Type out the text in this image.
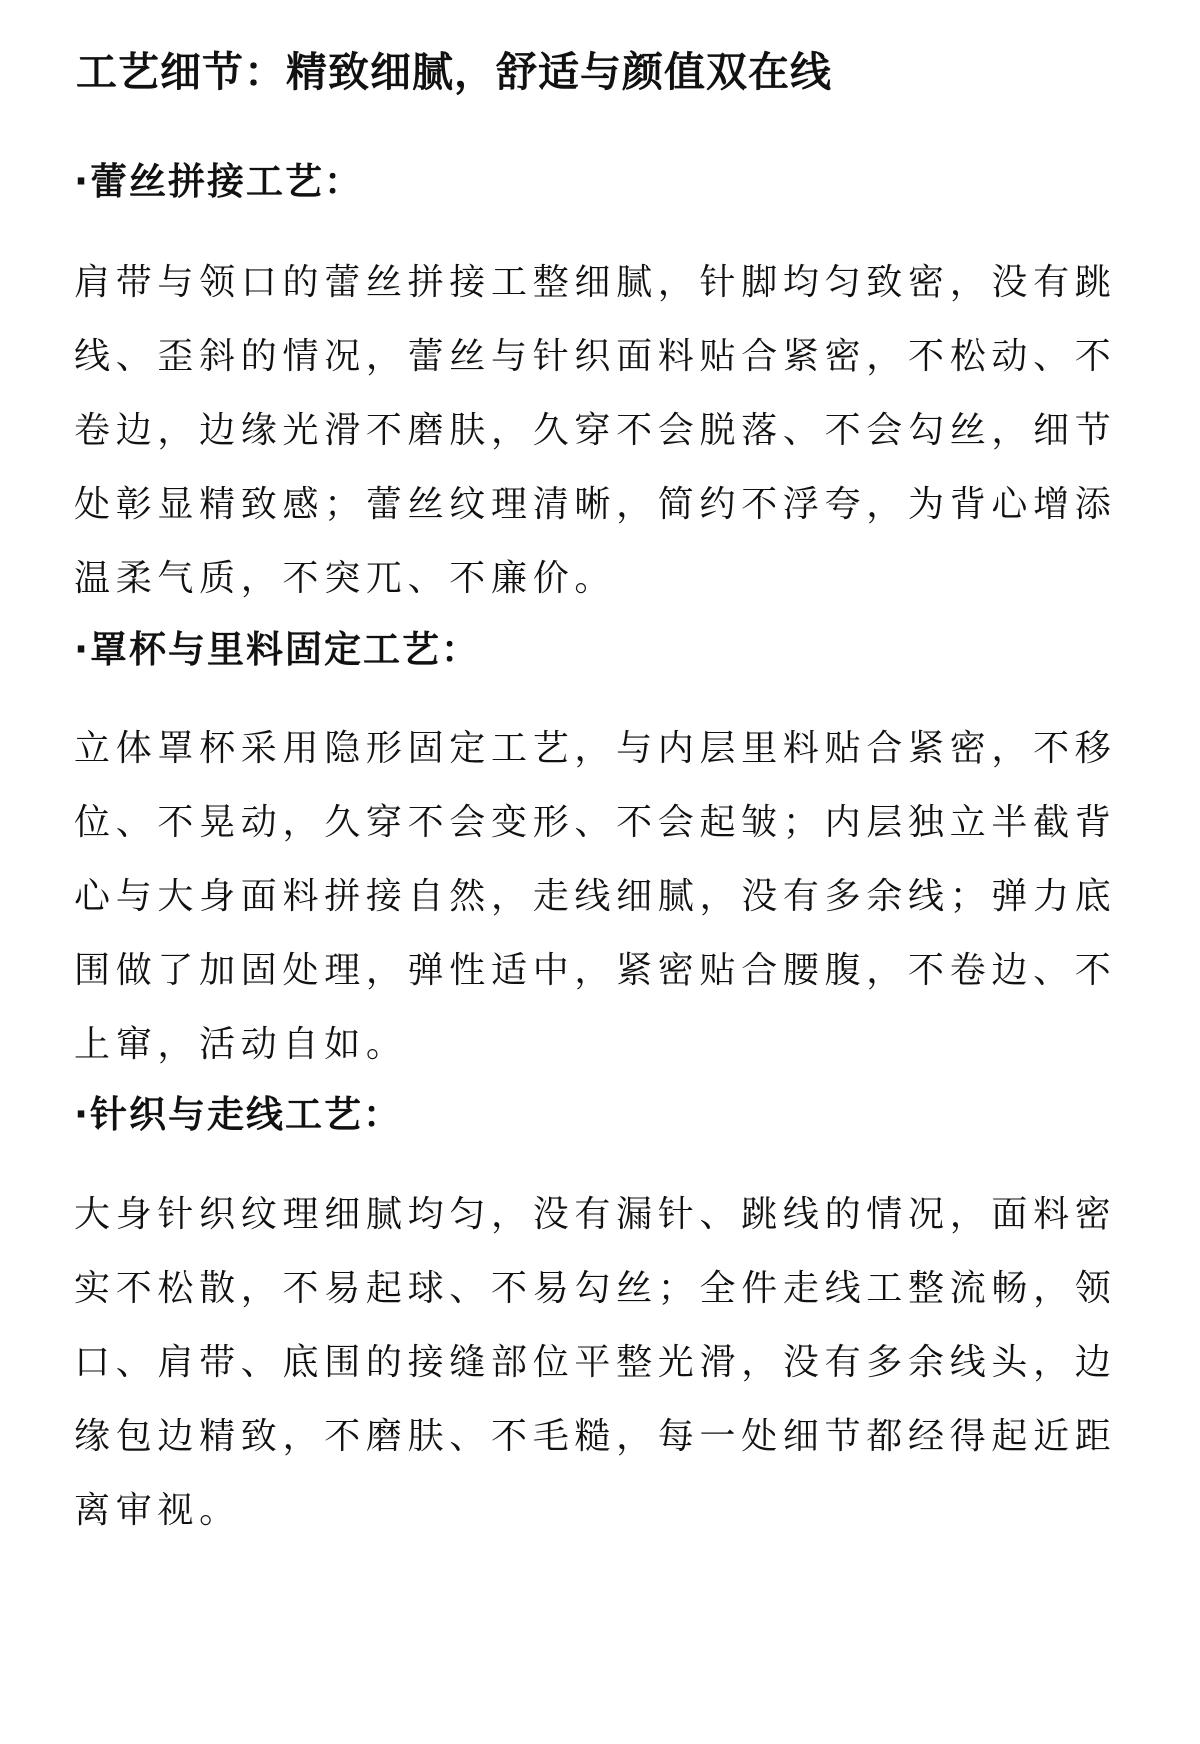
工艺细节：精致细腻，舒适与颜值双在线
·蕾丝拼接工艺：
肩带与领口的蕾丝拼接工整细腻，针脚均匀致密，没有跳
线、歪斜的情况，蕾丝与针织面料贴合紧密，不松动、不
卷边，边缘光滑不磨肤，久穿不会脱落、不会勾丝，细节
处彰显精致感；蕾丝纹理清晰，简约不浮夸，为背心增添
温柔气质，不突兀、不廉价。
·罩杯与里料固定工艺：
立体罩杯采用隐形固定工艺，与内层里料贴合紧密，不移
位、不晃动，久穿不会变形、不会起皱；内层独立半截背
心与大身面料拼接自然，走线细腻，没有多余线；弹力底
围做了加固处理，弹性适中，紧密贴合腰腹，不卷边、不
上窜，活动自如。
·针织与走线工艺：
大身针织纹理细腻均匀，没有漏针、跳线的情况，面料密
实不松散，不易起球、不易勾丝；全件走线工整流畅，领
口、肩带、底围的接缝部位平整光滑，没有多余线头，边
缘包边精致，不磨肤、不毛糙，每一处细节都经得起近距
离审视。
